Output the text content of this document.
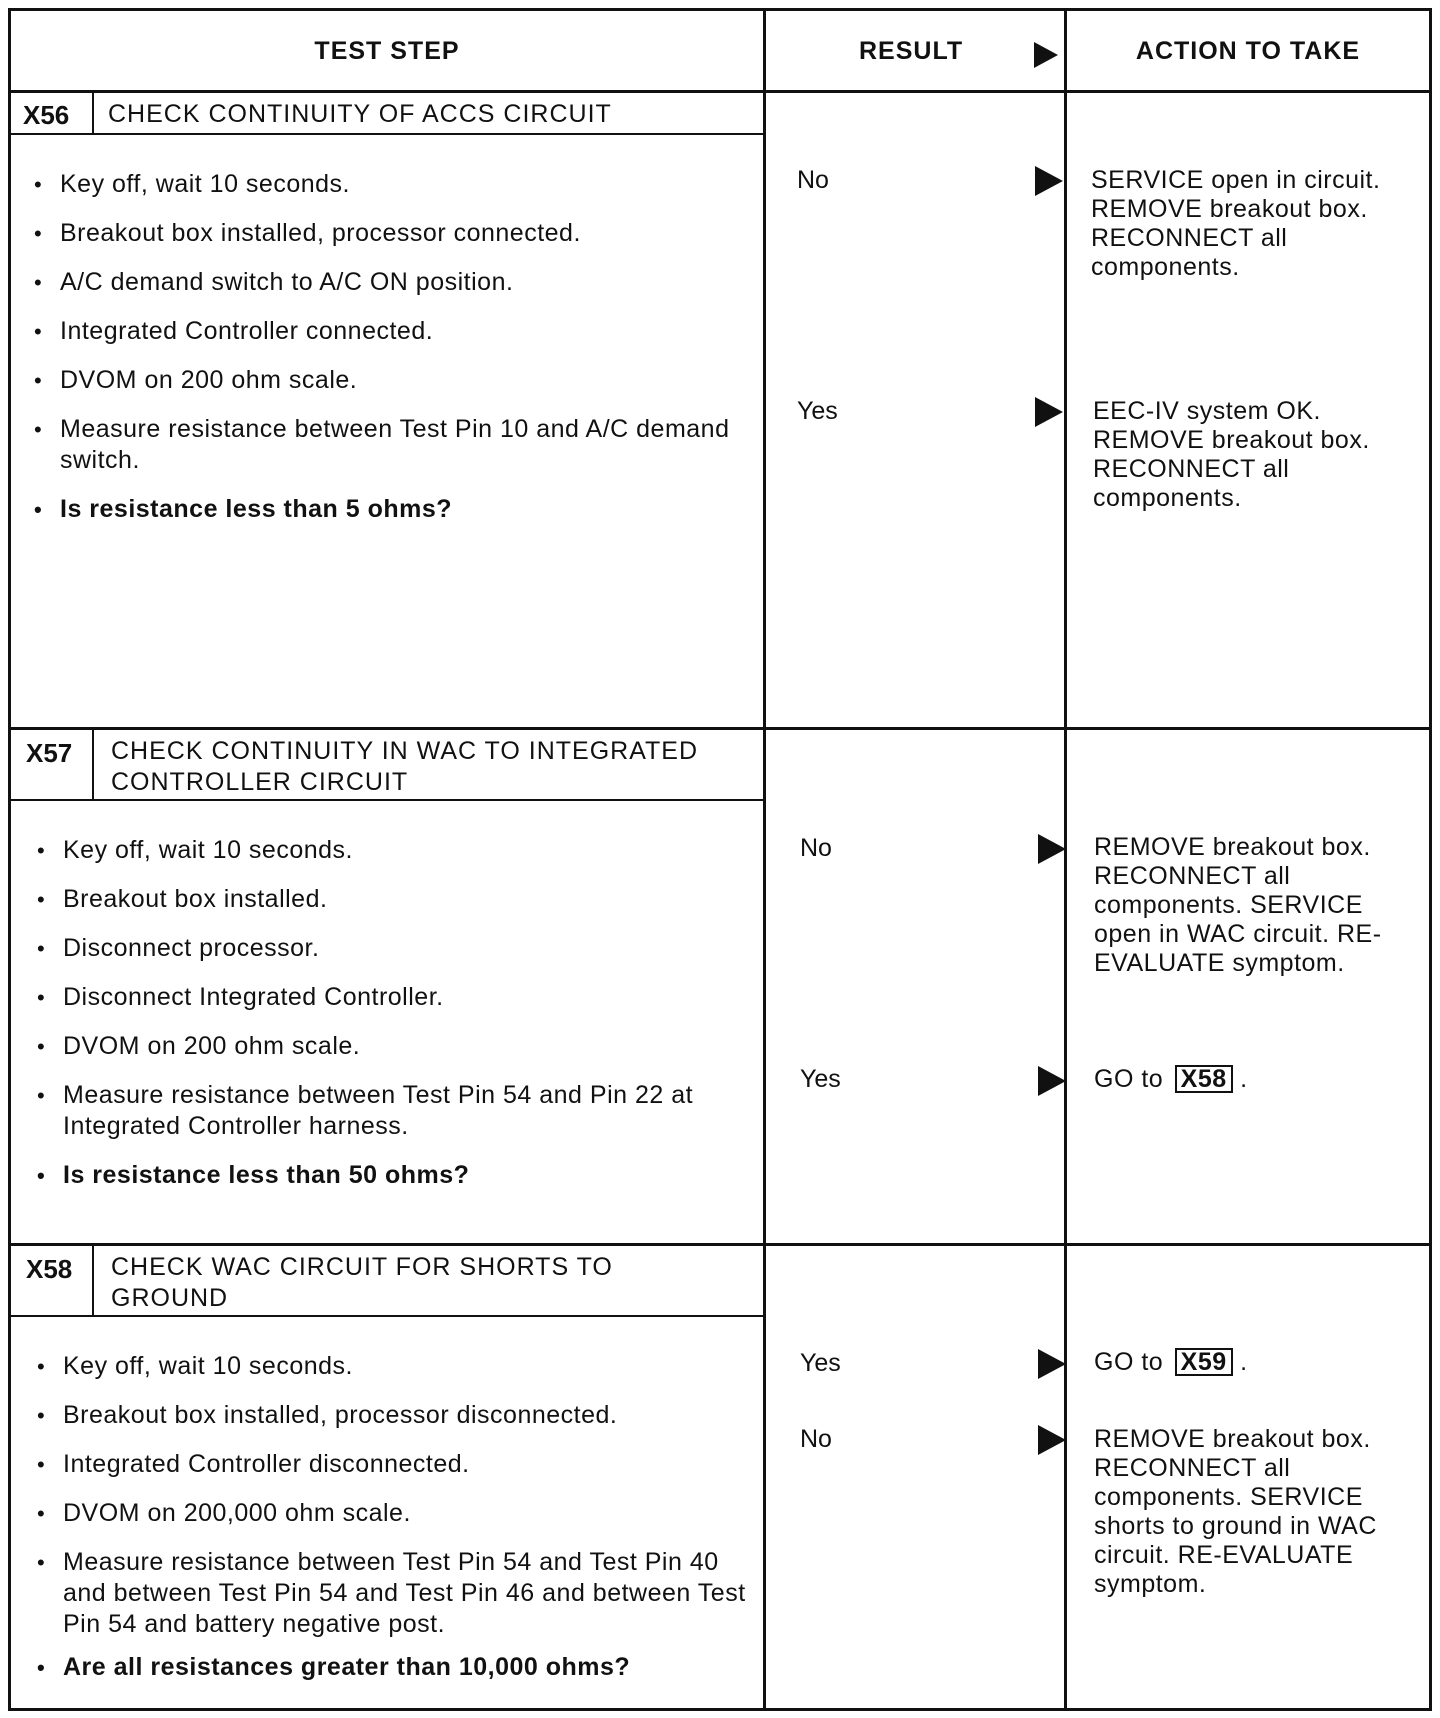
TEST STEP	RESULT	ACTION TO TAKE
X56 CHECK CONTINUITY OF ACCS CIRCUIT
• Key off, wait 10 seconds.
• Breakout box installed, processor connected.
• A/C demand switch to A/C ON position.
• Integrated Controller connected.
• DVOM on 200 ohm scale.
• Measure resistance between Test Pin 10 and A/C demand switch.
• Is resistance less than 5 ohms?
No	SERVICE open in circuit. REMOVE breakout box. RECONNECT all components.
Yes	EEC-IV system OK. REMOVE breakout box. RECONNECT all components.
X57 CHECK CONTINUITY IN WAC TO INTEGRATED CONTROLLER CIRCUIT
• Key off, wait 10 seconds.
• Breakout box installed.
• Disconnect processor.
• Disconnect Integrated Controller.
• DVOM on 200 ohm scale.
• Measure resistance between Test Pin 54 and Pin 22 at Integrated Controller harness.
• Is resistance less than 50 ohms?
No	REMOVE breakout box. RECONNECT all components. SERVICE open in WAC circuit. RE-EVALUATE symptom.
Yes	GO to X58 .
X58 CHECK WAC CIRCUIT FOR SHORTS TO GROUND
• Key off, wait 10 seconds.
• Breakout box installed, processor disconnected.
• Integrated Controller disconnected.
• DVOM on 200,000 ohm scale.
• Measure resistance between Test Pin 54 and Test Pin 40 and between Test Pin 54 and Test Pin 46 and between Test Pin 54 and battery negative post.
• Are all resistances greater than 10,000 ohms?
Yes	GO to X59 .
No	REMOVE breakout box. RECONNECT all components. SERVICE shorts to ground in WAC circuit. RE-EVALUATE symptom.
